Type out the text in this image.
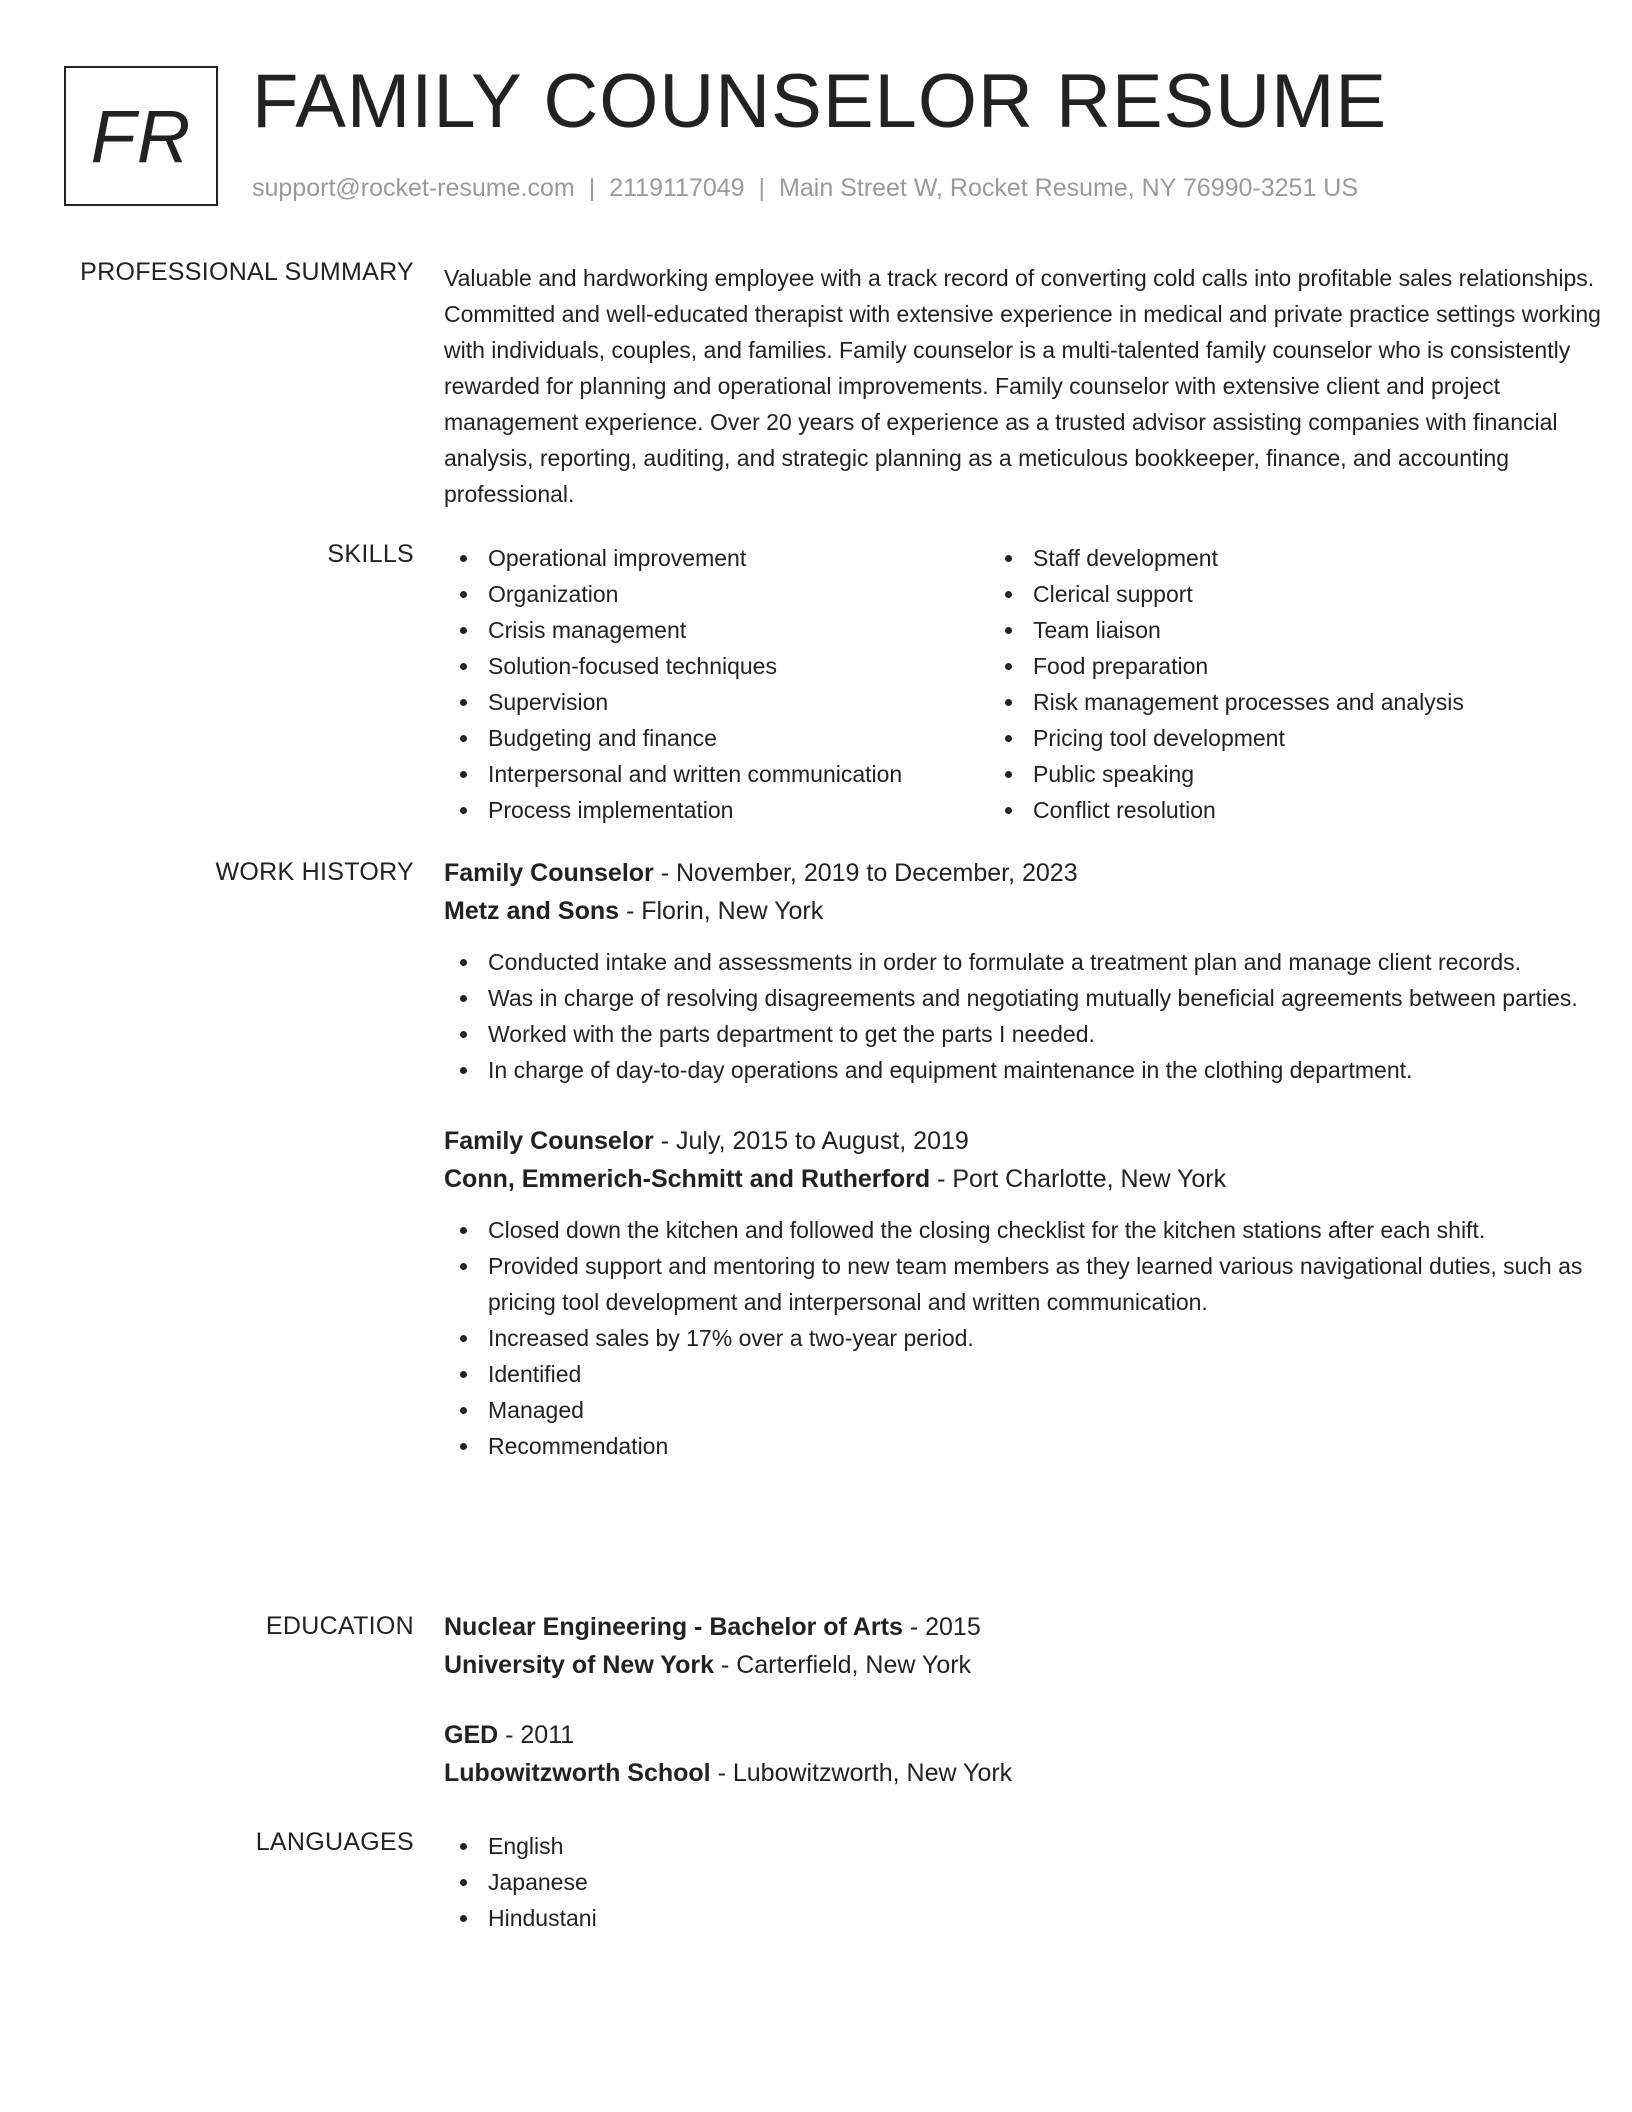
FR FAMILY COUNSELOR RESUME
support@rocket-resume.com | 2119117049 | Main Street W, Rocket Resume, NY 76990-3251 US
PROFESSIONAL SUMMARY Valuable and hardworking employee with a track record of converting cold calls into profitable sales relationships. Committed and well-educated therapist with extensive experience in medical and private practice settings working with individuals, couples, and families. Family counselor is a multi-talented family counselor who is consistently rewarded for planning and operational improvements. Family counselor with extensive client and project management experience. Over 20 years of experience as a trusted advisor assisting companies with financial analysis, reporting, auditing, and strategic planning as a meticulous bookkeeper, finance, and accounting professional.

SKILLS	Operational improvement
Organization
Crisis management
Solution-focused techniques
Supervision
Budgeting and finance
Interpersonal and written communication
Process implementation
Staff development
Clerical support
Team liaison
Food preparation
Risk management processes and analysis
Pricing tool development
Public speaking
Conflict resolution
WORK HISTORY Family Counselor - November, 2019 to December, 2023
Metz and Sons - Florin, New York
Conducted intake and assessments in order to formulate a treatment plan and manage client records.
Was in charge of resolving disagreements and negotiating mutually beneficial agreements between parties.
Worked with the parts department to get the parts I needed.
In charge of day-to-day operations and equipment maintenance in the clothing department.
Family Counselor - July, 2015 to August, 2019
Conn, Emmerich-Schmitt and Rutherford - Port Charlotte, New York
Closed down the kitchen and followed the closing checklist for the kitchen stations after each shift.
Provided support and mentoring to new team members as they learned various navigational duties, such as pricing tool development and interpersonal and written communication.
Increased sales by 17% over a two-year period.
Identified
Managed
Recommendation
EDUCATION Nuclear Engineering - Bachelor of Arts - 2015
University of New York - Carterfield, New York
GED - 2011
Lubowitzworth School - Lubowitzworth, New York
LANGUAGES	English
Japanese
Hindustani
